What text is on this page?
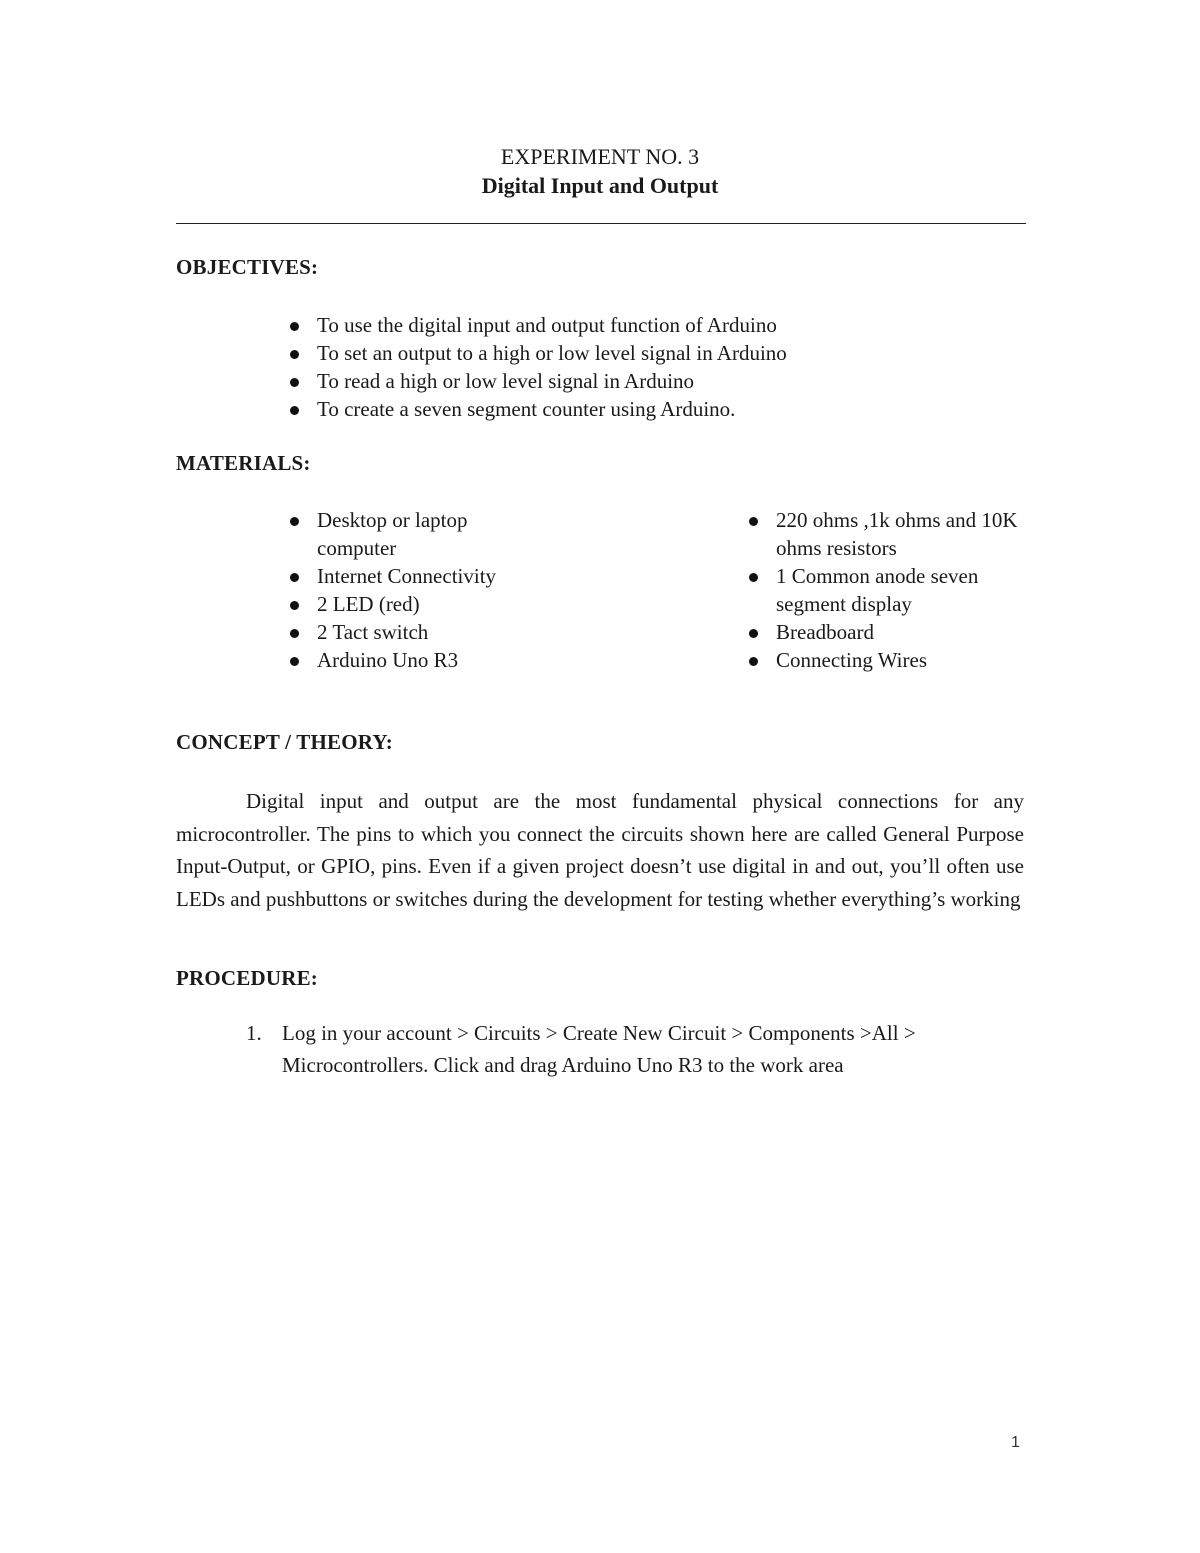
EXPERIMENT NO. 3
Digital Input and Output
OBJECTIVES:
To use the digital input and output function of Arduino
To set an output to a high or low level signal in Arduino
To read a high or low level signal in Arduino
To create a seven segment counter using Arduino.
MATERIALS:
Desktop or laptop computer
Internet Connectivity
2 LED (red)
2 Tact switch
Arduino Uno R3
220 ohms ,1k ohms and 10K ohms resistors
1 Common anode seven segment display
Breadboard
Connecting Wires
CONCEPT / THEORY:

Digital input and output are the most fundamental physical connections for any microcontroller. The pins to which you connect the circuits shown here are called General Purpose Input-Output, or GPIO, pins. Even if a given project doesn’t use digital in and out, you’ll often use LEDs and pushbuttons or switches during the development for testing whether everything’s working

PROCEDURE:
1. Log in your account > Circuits > Create New Circuit > Components >All > Microcontrollers. Click and drag Arduino Uno R3 to the work area
1
